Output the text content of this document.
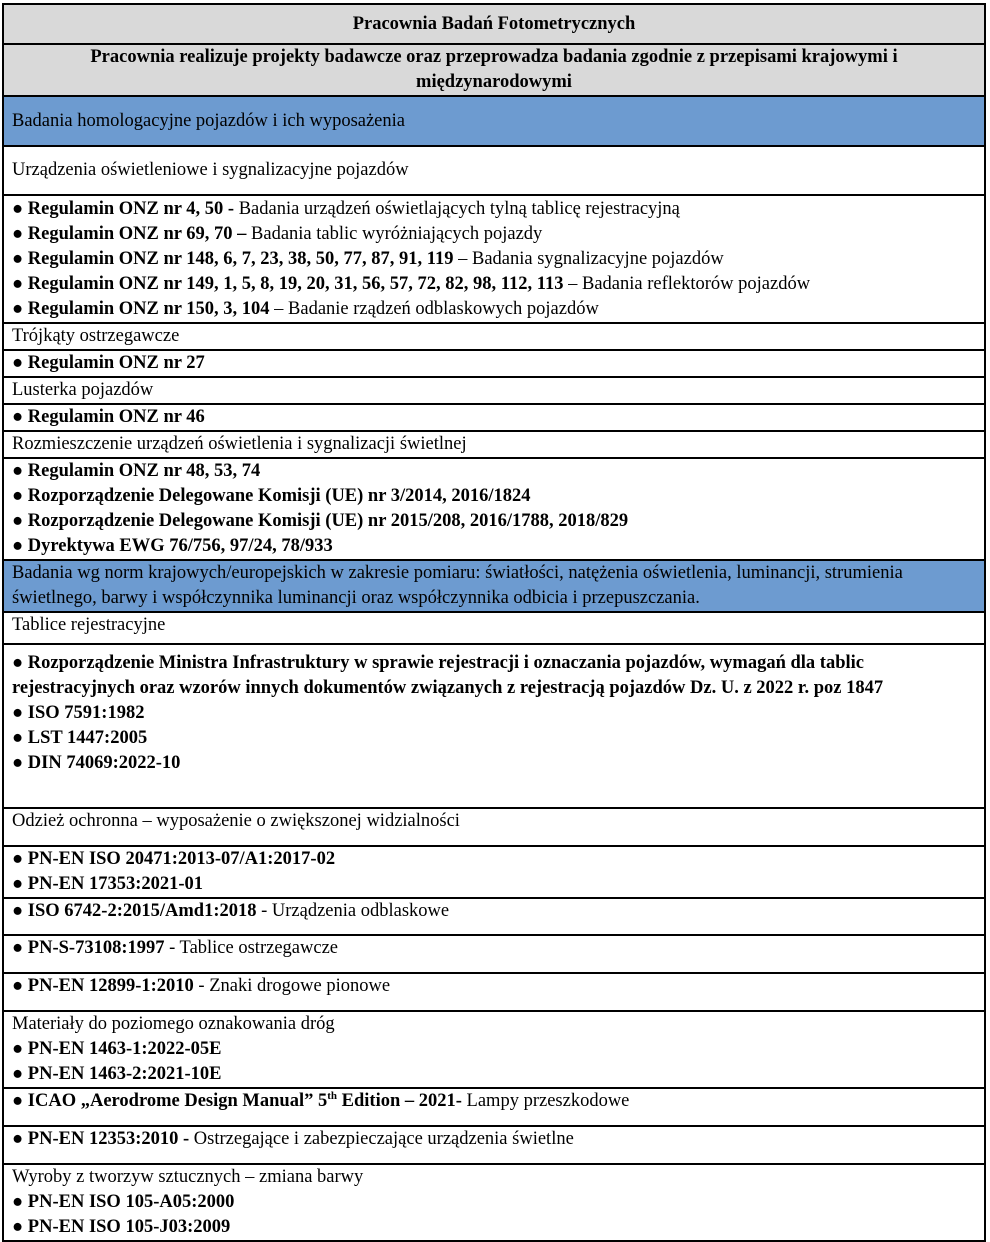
Pracownia Badań Fotometrycznych
Pracownia realizuje projekty badawcze oraz przeprowadza badania zgodnie z przepisami krajowymi i międzynarodowymi
Badania homologacyjne pojazdów i ich wyposażenia
Urządzenia oświetleniowe i sygnalizacyjne pojazdów

● Regulamin ONZ nr 4, 50 - Badania urządzeń oświetlających tylną tablicę rejestracyjną
● Regulamin ONZ nr 69, 70 – Badania tablic wyróżniających pojazdy
● Regulamin ONZ nr 148, 6, 7, 23, 38, 50, 77, 87, 91, 119 – Badania sygnalizacyjne pojazdów
● Regulamin ONZ nr 149, 1, 5, 8, 19, 20, 31, 56, 57, 72, 82, 98, 112, 113 – Badania reflektorów pojazdów
● Regulamin ONZ nr 150, 3, 104 – Badanie rządzeń odblaskowych pojazdów

Trójkąty ostrzegawcze
● Regulamin ONZ nr 27
Lusterka pojazdów
● Regulamin ONZ nr 46
Rozmieszczenie urządzeń oświetlenia i sygnalizacji świetlnej

● Regulamin ONZ nr 48, 53, 74
● Rozporządzenie Delegowane Komisji (UE) nr 3/2014, 2016/1824
● Rozporządzenie Delegowane Komisji (UE) nr 2015/208, 2016/1788, 2018/829
● Dyrektywa EWG 76/756, 97/24, 78/933

Badania wg norm krajowych/europejskich w zakresie pomiaru: światłości, natężenia oświetlenia, luminancji, strumienia świetlnego, barwy i współczynnika luminancji oraz współczynnika odbicia i przepuszczania.
Tablice rejestracyjne

● Rozporządzenie Ministra Infrastruktury w sprawie rejestracji i oznaczania pojazdów, wymagań dla tablic rejestracyjnych oraz wzorów innych dokumentów związanych z rejestracją pojazdów Dz. U. z 2022 r. poz 1847
● ISO 7591:1982
● LST 1447:2005
● DIN 74069:2022-10

Odzież ochronna – wyposażenie o zwiększonej widzialności

● PN-EN ISO 20471:2013-07/A1:2017-02
● PN-EN 17353:2021-01

● ISO 6742-2:2015/Amd1:2018 - Urządzenia odblaskowe
● PN-S-73108:1997 - Tablice ostrzegawcze
● PN-EN 12899-1:2010 - Znaki drogowe pionowe

Materiały do poziomego oznakowania dróg
● PN-EN 1463-1:2022-05E
● PN-EN 1463-2:2021-10E

● ICAO „Aerodrome Design Manual” 5th Edition – 2021- Lampy przeszkodowe
● PN-EN 12353:2010 - Ostrzegające i zabezpieczające urządzenia świetlne

Wyroby z tworzyw sztucznych – zmiana barwy
● PN-EN ISO 105-A05:2000
● PN-EN ISO 105-J03:2009
